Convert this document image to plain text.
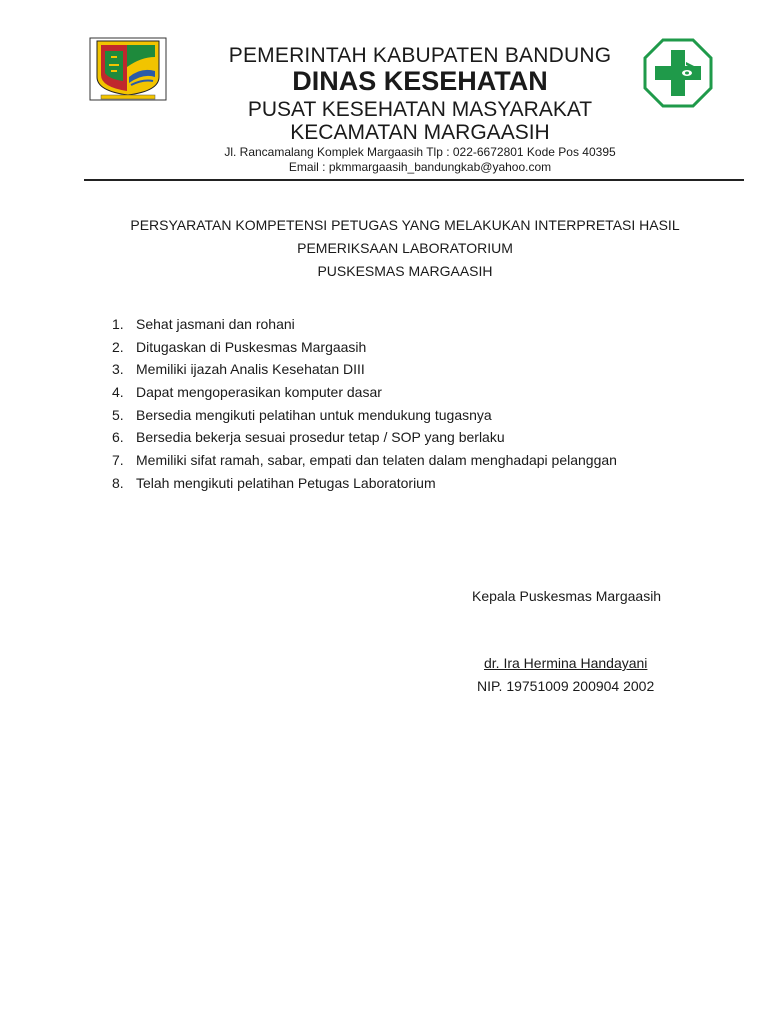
PEMERINTAH KABUPATEN BANDUNG
DINAS KESEHATAN
PUSAT KESEHATAN MASYARAKAT
KECAMATAN MARGAASIH
Jl. Rancamalang Komplek Margaasih Tlp : 022-6672801 Kode Pos 40395
Email : pkmmargaasih_bandungkab@yahoo.com
PERSYARATAN KOMPETENSI PETUGAS YANG MELAKUKAN INTERPRETASI HASIL
PEMERIKSAAN LABORATORIUM
PUSKESMAS MARGAASIH
1. Sehat jasmani dan rohani
2. Ditugaskan di Puskesmas Margaasih
3. Memiliki ijazah Analis Kesehatan DIII
4. Dapat mengoperasikan komputer dasar
5. Bersedia mengikuti pelatihan untuk mendukung tugasnya
6. Bersedia bekerja sesuai prosedur tetap / SOP yang berlaku
7. Memiliki sifat ramah, sabar, empati dan telaten dalam menghadapi pelanggan
8. Telah mengikuti pelatihan Petugas Laboratorium
Kepala Puskesmas Margaasih
dr. Ira Hermina Handayani
NIP. 19751009 200904 2002
